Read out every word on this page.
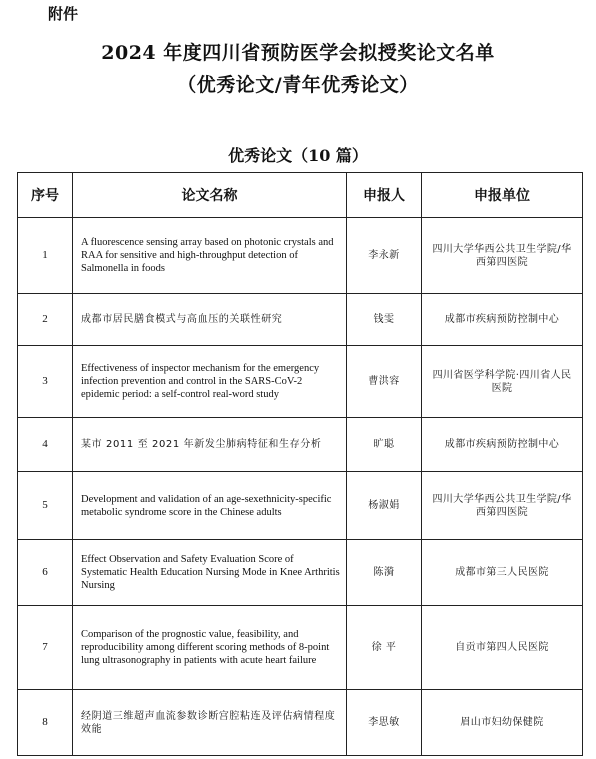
附件
2024 年度四川省预防医学会拟授奖论文名单
（优秀论文/青年优秀论文）
优秀论文（10 篇）
序号	论文名称	申报人	申报单位
1	A fluorescence sensing array based on photonic crystals and RAA for sensitive and high-throughput detection of Salmonella in foods	李永新	四川大学华西公共卫生学院/华西第四医院
2	成都市居民膳食模式与高血压的关联性研究	钱雯	成都市疾病预防控制中心
3	Effectiveness of inspector mechanism for the emergency infection prevention and control in the SARS-CoV-2 epidemic period: a self-control real-word study	曹洪容	四川省医学科学院·四川省人民医院
4	某市 2011 至 2021 年新发尘肺病特征和生存分析	旷聪	成都市疾病预防控制中心
5	Development and validation of an age-sexethnicity-specific metabolic syndrome score in the Chinese adults	杨淑娟	四川大学华西公共卫生学院/华西第四医院
6	Effect Observation and Safety Evaluation Score of Systematic Health Education Nursing Mode in Knee Arthritis Nursing	陈漪	成都市第三人民医院
7	Comparison of the prognostic value, feasibility, and reproducibility among different scoring methods of 8-point lung ultrasonography in patients with acute heart failure	徐 平	自贡市第四人民医院
8	经阴道三维超声血流参数诊断宫腔粘连及评估病情程度 效能	李思敏	眉山市妇幼保健院
